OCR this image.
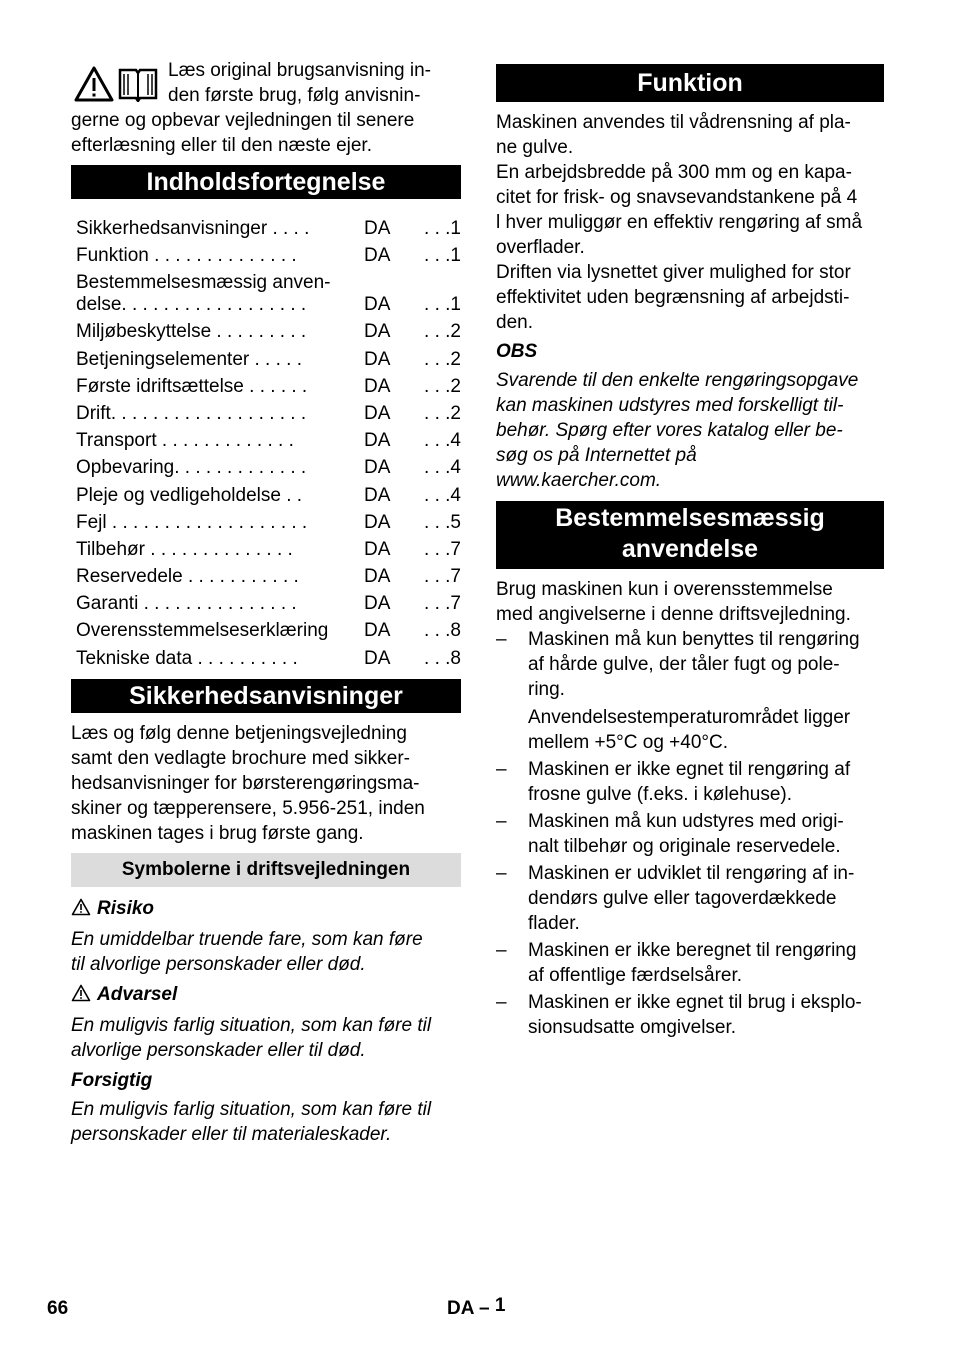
Læs original brugsanvisning in-

den første brug, følg anvisnin-

gerne og opbevar vejledningen til senere

efterlæsning eller til den næste ejer.

Indholdsfortegnelse
Sikkerhedsanvisninger . . . .	DA	. . .1
Funktion . . . . . . . . . . . . . .	DA	. . .1
Bestemmelsesmæssig anven-
delse. . . . . . . . . . . . . . . . . .	DA	. . .1
Miljøbeskyttelse . . . . . . . . .	DA	. . .2
Betjeningselementer . . . . .	DA	. . .2
Første idriftsættelse . . . . . .	DA	. . .2
Drift. . . . . . . . . . . . . . . . . . .	DA	. . .2
Transport . . . . . . . . . . . . .	DA	. . .4
Opbevaring. . . . . . . . . . . . .	DA	. . .4
Pleje og vedligeholdelse . .	DA	. . .4
Fejl . . . . . . . . . . . . . . . . . . .	DA	. . .5
Tilbehør . . . . . . . . . . . . . .	DA	. . .7
Reservedele . . . . . . . . . . .	DA	. . .7
Garanti . . . . . . . . . . . . . . .	DA	. . .7
Overensstemmelseserklæring	DA	. . .8
Tekniske data . . . . . . . . . .	DA	. . .8
Sikkerhedsanvisninger

Læs og følg denne betjeningsvejledning

samt den vedlagte brochure med sikker-

hedsanvisninger for børsterengøringsma-

skiner og tæpperensere, 5.956-251, inden

maskinen tages i brug første gang.

Symbolerne i driftsvejledningen

Risiko

En umiddelbar truende fare, som kan føre

til alvorlige personskader eller død.

Advarsel

En muligvis farlig situation, som kan føre til

alvorlige personskader eller til død.

Forsigtig

En muligvis farlig situation, som kan føre til

personskader eller til materialeskader.

Funktion

Maskinen anvendes til vådrensning af pla-

ne gulve.

En arbejdsbredde på 300 mm og en kapa-

citet for frisk- og snavsevandstankene på 4

l hver muliggør en effektiv rengøring af små

overflader.

Driften via lysnettet giver mulighed for stor

effektivitet uden begrænsning af arbejdsti-

den.

OBS

Svarende til den enkelte rengøringsopgave

kan maskinen udstyres med forskelligt til-

behør. Spørg efter vores katalog eller be-

søg os på Internettet på

www.kaercher.com.

Bestemmelsesmæssig
anvendelse

Brug maskinen kun i overensstemmelse

med angivelserne i denne driftsvejledning.

–	Maskinen må kun benyttes til rengøring
af hårde gulve, der tåler fugt og pole-
ring.
Anvendelsestemperaturområdet ligger
mellem +5°C og +40°C.
–	Maskinen er ikke egnet til rengøring af
frosne gulve (f.eks. i kølehuse).
–	Maskinen må kun udstyres med origi-
nalt tilbehør og originale reservedele.
–	Maskinen er udviklet til rengøring af in-
dendørs gulve eller tagoverdækkede
flader.
–	Maskinen er ikke beregnet til rengøring
af offentlige færdselsårer.
–	Maskinen er ikke egnet til brug i eksplo-
sionsudsatte omgivelser.
66	DA – 1
